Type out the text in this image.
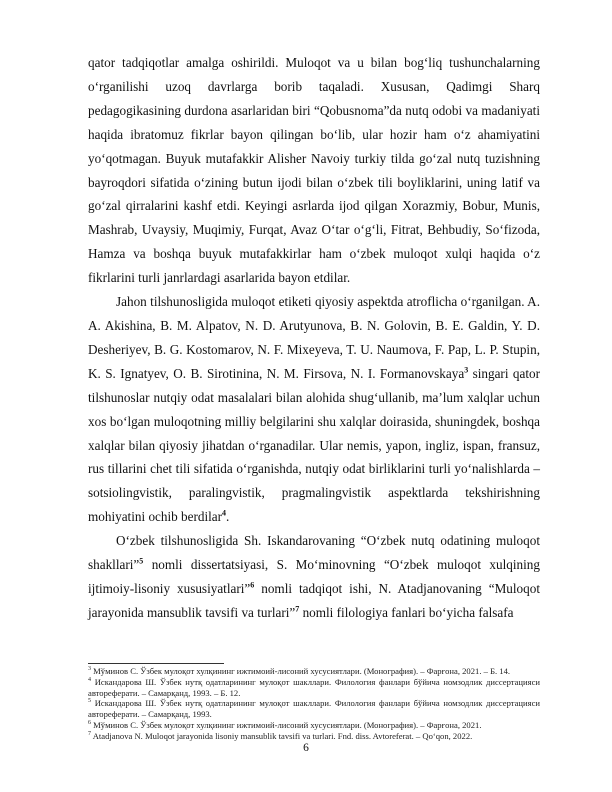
qator tadqiqotlar amalga oshirildi. Muloqot va u bilan bog‘liq tushunchalarning o‘rganilishi uzoq davrlarga borib taqaladi. Xususan, Qadimgi Sharq pedagogikasining durdona asarlaridan biri “Qobusnoma”da nutq odobi va madaniyati haqida ibratomuz fikrlar bayon qilingan bo‘lib, ular hozir ham o‘z ahamiyatini yo‘qotmagan. Buyuk mutafakkir Alisher Navoiy turkiy tilda go‘zal nutq tuzishning bayroqdori sifatida o‘zining butun ijodi bilan o‘zbek tili boyliklarini, uning latif va go‘zal qirralarini kashf etdi. Keyingi asrlarda ijod qilgan Xorazmiy, Bobur, Munis, Mashrab, Uvaysiy, Muqimiy, Furqat, Avaz O‘tar o‘g‘li, Fitrat, Behbudiy, So‘fizoda, Hamza va boshqa buyuk mutafakkirlar ham o‘zbek muloqot xulqi haqida o‘z fikrlarini turli janrlardagi asarlarida bayon etdilar.

Jahon tilshunosligida muloqot etiketi qiyosiy aspektda atroflicha o‘rganilgan. A. A. Akishina, B. M. Alpatov, N. D. Arutyunova, B. N. Golovin, B. E. Galdin, Y. D. Desheriyev, B. G. Kostomarov, N. F. Mixeyeva, T. U. Naumova, F. Pap, L. P. Stupin, K. S. Ignatyev, O. B. Sirotinina, N. M. Firsova, N. I. Formanovskaya$^3$ singari qator tilshunoslar nutqiy odat masalalari bilan alohida shug‘ullanib, ma’lum xalqlar uchun xos bo‘lgan muloqotning milliy belgilarini shu xalqlar doirasida, shuningdek, boshqa xalqlar bilan qiyosiy jihatdan o‘rganadilar. Ular nemis, yapon, ingliz, ispan, fransuz, rus tillarini chet tili sifatida o‘rganishda, nutqiy odat birliklarini turli yo‘nalishlarda – sotsiolingvistik, paralingvistik, pragmalingvistik aspektlarda tekshirishning mohiyatini ochib berdilar$^4$.

O‘zbek tilshunosligida Sh. Iskandarovaning “O‘zbek nutq odatining muloqot shakllari”$^5$ nomli dissertatsiyasi, S. Mo‘minovning “O‘zbek muloqot xulqining ijtimoiy-lisoniy xususiyatlari”$^6$ nomli tadqiqot ishi, N. Atadjanovaning “Muloqot jarayonida mansublik tavsifi va turlari”$^7$ nomli filologiya fanlari bo‘yicha falsafa

$^3$ Мўминов С. Ўзбек мулоқот хулқининг ижтимоий-лисоний хусусиятлари. (Монография). – Фарғона, 2021. – Б. 14.

$^4$ Искандарова Ш. Ўзбек нутқ одатларининг мулоқот шакллари. Филология фанлари бўйича номзодлик диссертацияси автореферати. – Самарқанд, 1993. – Б. 12.

$^5$ Искандарова Ш. Ўзбек нутқ одатларининг мулоқот шакллари. Филология фанлари бўйича номзодлик диссертацияси автореферати. – Самарқанд, 1993.

$^6$ Мўминов С. Ўзбек мулоқот хулқининг ижтимоий-лисоний хусусиятлари. (Монография). – Фарғона, 2021.

$^7$ Atadjanova N. Muloqot jarayonida lisoniy mansublik tavsifi va turlari. Fnd. diss. Avtoreferat. – Qo‘qon, 2022.

6
